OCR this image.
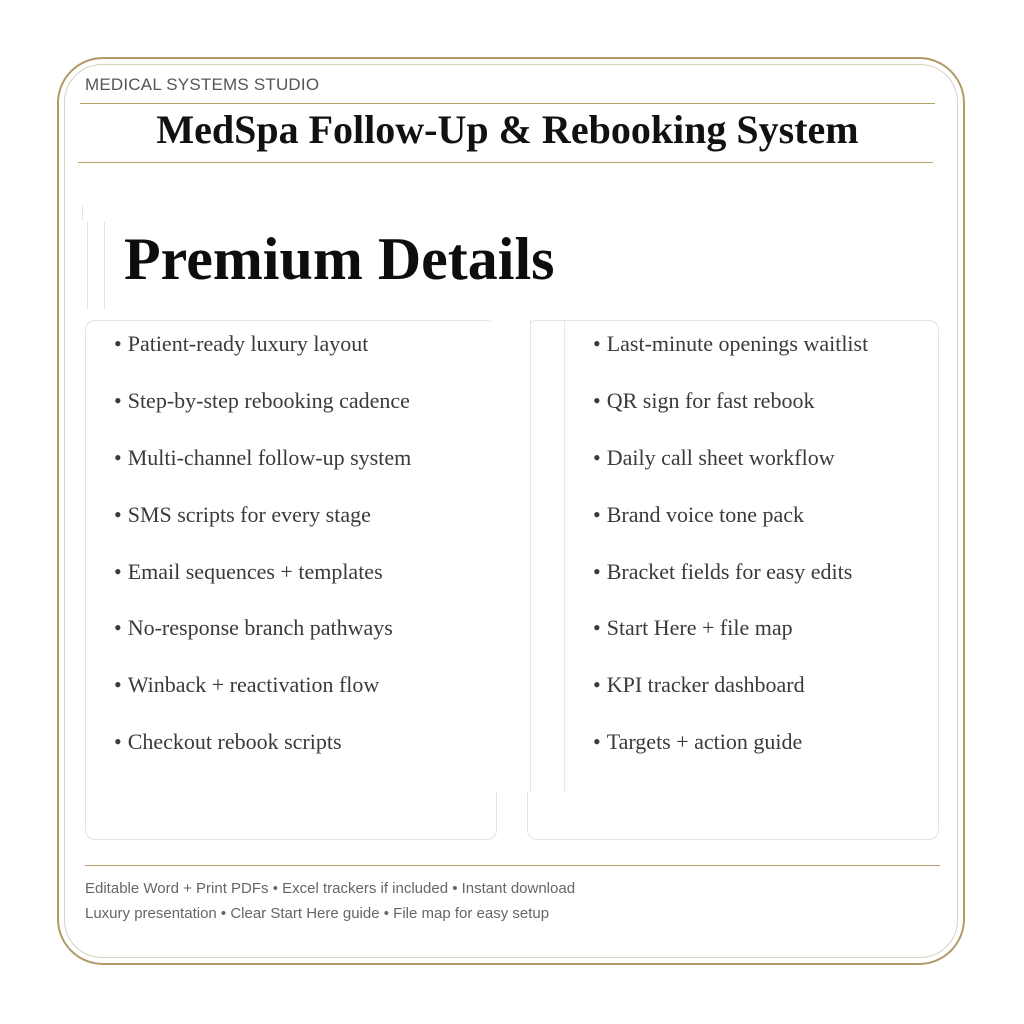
MEDICAL SYSTEMS STUDIO
MedSpa Follow-Up & Rebooking System
Premium Details
• Patient-ready luxury layout
• Step-by-step rebooking cadence
• Multi-channel follow-up system
• SMS scripts for every stage
• Email sequences + templates
• No-response branch pathways
• Winback + reactivation flow
• Checkout rebook scripts
• Last-minute openings waitlist
• QR sign for fast rebook
• Daily call sheet workflow
• Brand voice tone pack
• Bracket fields for easy edits
• Start Here + file map
• KPI tracker dashboard
• Targets + action guide
Editable Word + Print PDFs • Excel trackers if included • Instant download
Luxury presentation • Clear Start Here guide • File map for easy setup
